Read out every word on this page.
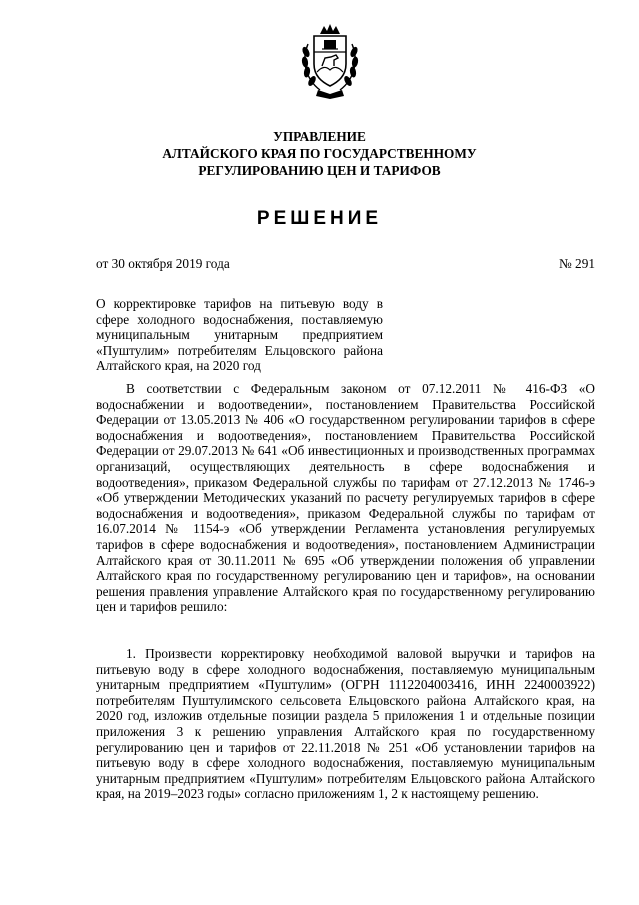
УПРАВЛЕНИЕ
АЛТАЙСКОГО КРАЯ ПО ГОСУДАРСТВЕННОМУ
РЕГУЛИРОВАНИЮ ЦЕН И ТАРИФОВ
РЕШЕНИЕ
от 30 октября 2019 года	№ 291
О корректировке тарифов на питьевую воду в сфере холодного водоснабжения, поставляемую муниципальным унитарным предприятием «Пуштулим» потребителям Ельцовского района Алтайского края, на 2020 год

В соответствии с Федеральным законом от 07.12.2011 № 416-ФЗ «О водоснабжении и водоотведении», постановлением Правительства Российской Федерации от 13.05.2013 № 406 «О государственном регулировании тарифов в сфере водоснабжения и водоотведения», постановлением Правительства Российской Федерации от 29.07.2013 № 641 «Об инвестиционных и производственных программах организаций, осуществляющих деятельность в сфере водоснабжения и водоотведения», приказом Федеральной службы по тарифам от 27.12.2013 № 1746-э «Об утверждении Методических указаний по расчету регулируемых тарифов в сфере водоснабжения и водоотведения», приказом Федеральной службы по тарифам от 16.07.2014 № 1154-э «Об утверждении Регламента установления регулируемых тарифов в сфере водоснабжения и водоотведения», постановлением Администрации Алтайского края от 30.11.2011 № 695 «Об утверждении положения об управлении Алтайского края по государственному регулированию цен и тарифов», на основании решения правления управление Алтайского края по государственному регулированию цен и тарифов решило:

1. Произвести корректировку необходимой валовой выручки и тарифов на питьевую воду в сфере холодного водоснабжения, поставляемую муниципальным унитарным предприятием «Пуштулим» (ОГРН 1112204003416, ИНН 2240003922) потребителям Пуштулимского сельсовета Ельцовского района Алтайского края, на 2020 год, изложив отдельные позиции раздела 5 приложения 1 и отдельные позиции приложения 3 к решению управления Алтайского края по государственному регулированию цен и тарифов от 22.11.2018 № 251 «Об установлении тарифов на питьевую воду в сфере холодного водоснабжения, поставляемую муниципальным унитарным предприятием «Пуштулим» потребителям Ельцовского района Алтайского края, на 2019–2023 годы» согласно приложениям 1, 2 к настоящему решению.
